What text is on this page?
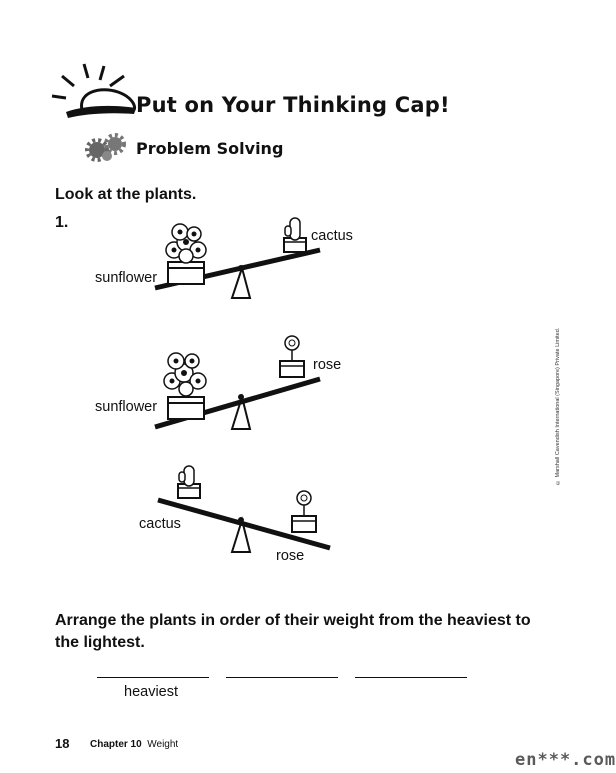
Put on Your Thinking Cap!
Problem Solving
Look at the plants.
1.
sunflower
cactus
sunflower
rose
cactus
rose
Arrange the plants in order of their weight from the heaviest to the lightest.
heaviest
18 Chapter 10 Weight
© Marshall Cavendish International (Singapore) Private Limited.
en***.com
